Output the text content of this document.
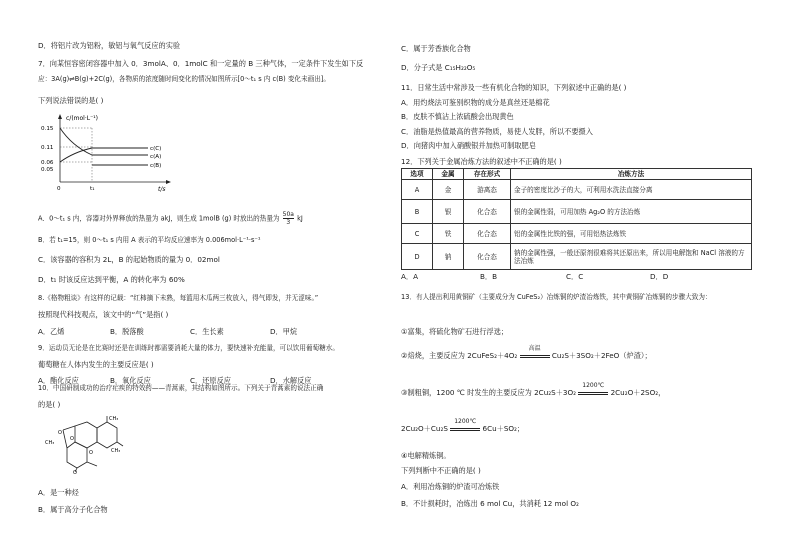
D．将铝片改为铝粉，敏铝与氧气反应的实验
7．向某恒容密闭容器中加入 0．3molA、0．1molC 和一定量的 B 三种气体，一定条件下发生如下反
应：3A(g)⇌B(g)+2C(g)，各物质的浓度随时间变化的情况如图所示[0～t₁ s 内 c(B) 变化未画出]。
下列说法错误的是( )
c/(mol·L⁻¹)
t/s
0.15
0.11
0.06
0.05
0	t₁
c(C)
c(A)
c(B)
A．0～t₁ s 内，容器对外界释放的热量为 akJ，则生成 1molB (g) 时放出的热量为 $\frac{50a}{3}$ kJ
B．若 t₁=15，则 0～t₁ s 内用 A 表示的平均反应速率为 0.006mol·L⁻¹·s⁻¹
C．该容器的容积为 2L，B 的起始物质的量为 0．02mol
D．t₁ 时该反应达到平衡，A 的转化率为 60%
8.《格物粗谈》有这样的记载：“红柿摘下未熟，每篮用木瓜两三枚放入，得气即发，并无涩味。”
按照现代科技观点，该文中的“气”是指( )
A．乙烯	B．脱落酸	C．生长素	D．甲烷
9．运动员无论是在比赛时还是在训练时都需要消耗大量的体力，要快速补充能量，可以饮用葡萄糖水。
葡萄糖在人体内发生的主要反应是( )
A．酯化反应	B．氧化反应	C．还原反应	D．水解反应
10．中国研制成功的治疗疟疾的特效药——青蒿素，其结构如图所示。下列关于青蒿素的说法正确
的是( )
O
O
O
O
CH₃
CH₃
CH₃
A．是一种烃
B．属于高分子化合物
C．属于芳香族化合物
D．分子式是 C₁₅H₂₂O₅
11．日常生活中常涉及一些有机化合物的知识，下列叙述中正确的是( )
A．用灼烧法可鉴别织物的成分是真丝还是棉花
B．皮肤不慎沾上浓硫酸会出现黄色
C．油脂是热值最高的营养物质，易使人发胖，所以不要摄入
D．向猪肉中加入硝酸银并加热可制取肥皂
12．下列关于金属冶炼方法的叙述中不正确的是( )
选项	金属	存在形式	冶炼方法
A	金	游离态	金子的密度比沙子的大，可利用水洗法直接分离
B	银	化合态	银的金属性弱，可用加热 Ag₂O 的方法冶炼
C	铁	化合态	铝的金属性比铁的强，可用铝热法炼铁
D	钠	化合态	钠的金属性强，一般还原剂很难将其还原出来，所以用电解饱和 NaCl 溶液的方法冶炼
A．A	B．B	C．C	D．D
13．有人提出利用黄铜矿（主要成分为 CuFeS₂）冶炼铜的炉渣冶炼铁，其中黄铜矿冶炼铜的步骤大致为：
①富集，将硫化物矿石进行浮选；
②焙烧，主要反应为 2CuFeS₂＋4O₂
高温
Cu₂S＋3SO₂＋2FeO（炉渣）；
③制粗铜，1200 ℃ 时发生的主要反应为 2Cu₂S＋3O₂
1200℃
2Cu₂O＋2SO₂，
2Cu₂O＋Cu₂S
1200℃
6Cu＋SO₂；
④电解精炼铜。
下列判断中不正确的是( )
A．利用冶炼铜的炉渣可冶炼铁
B．不计损耗时，冶炼出 6 mol Cu，共消耗 12 mol O₂
